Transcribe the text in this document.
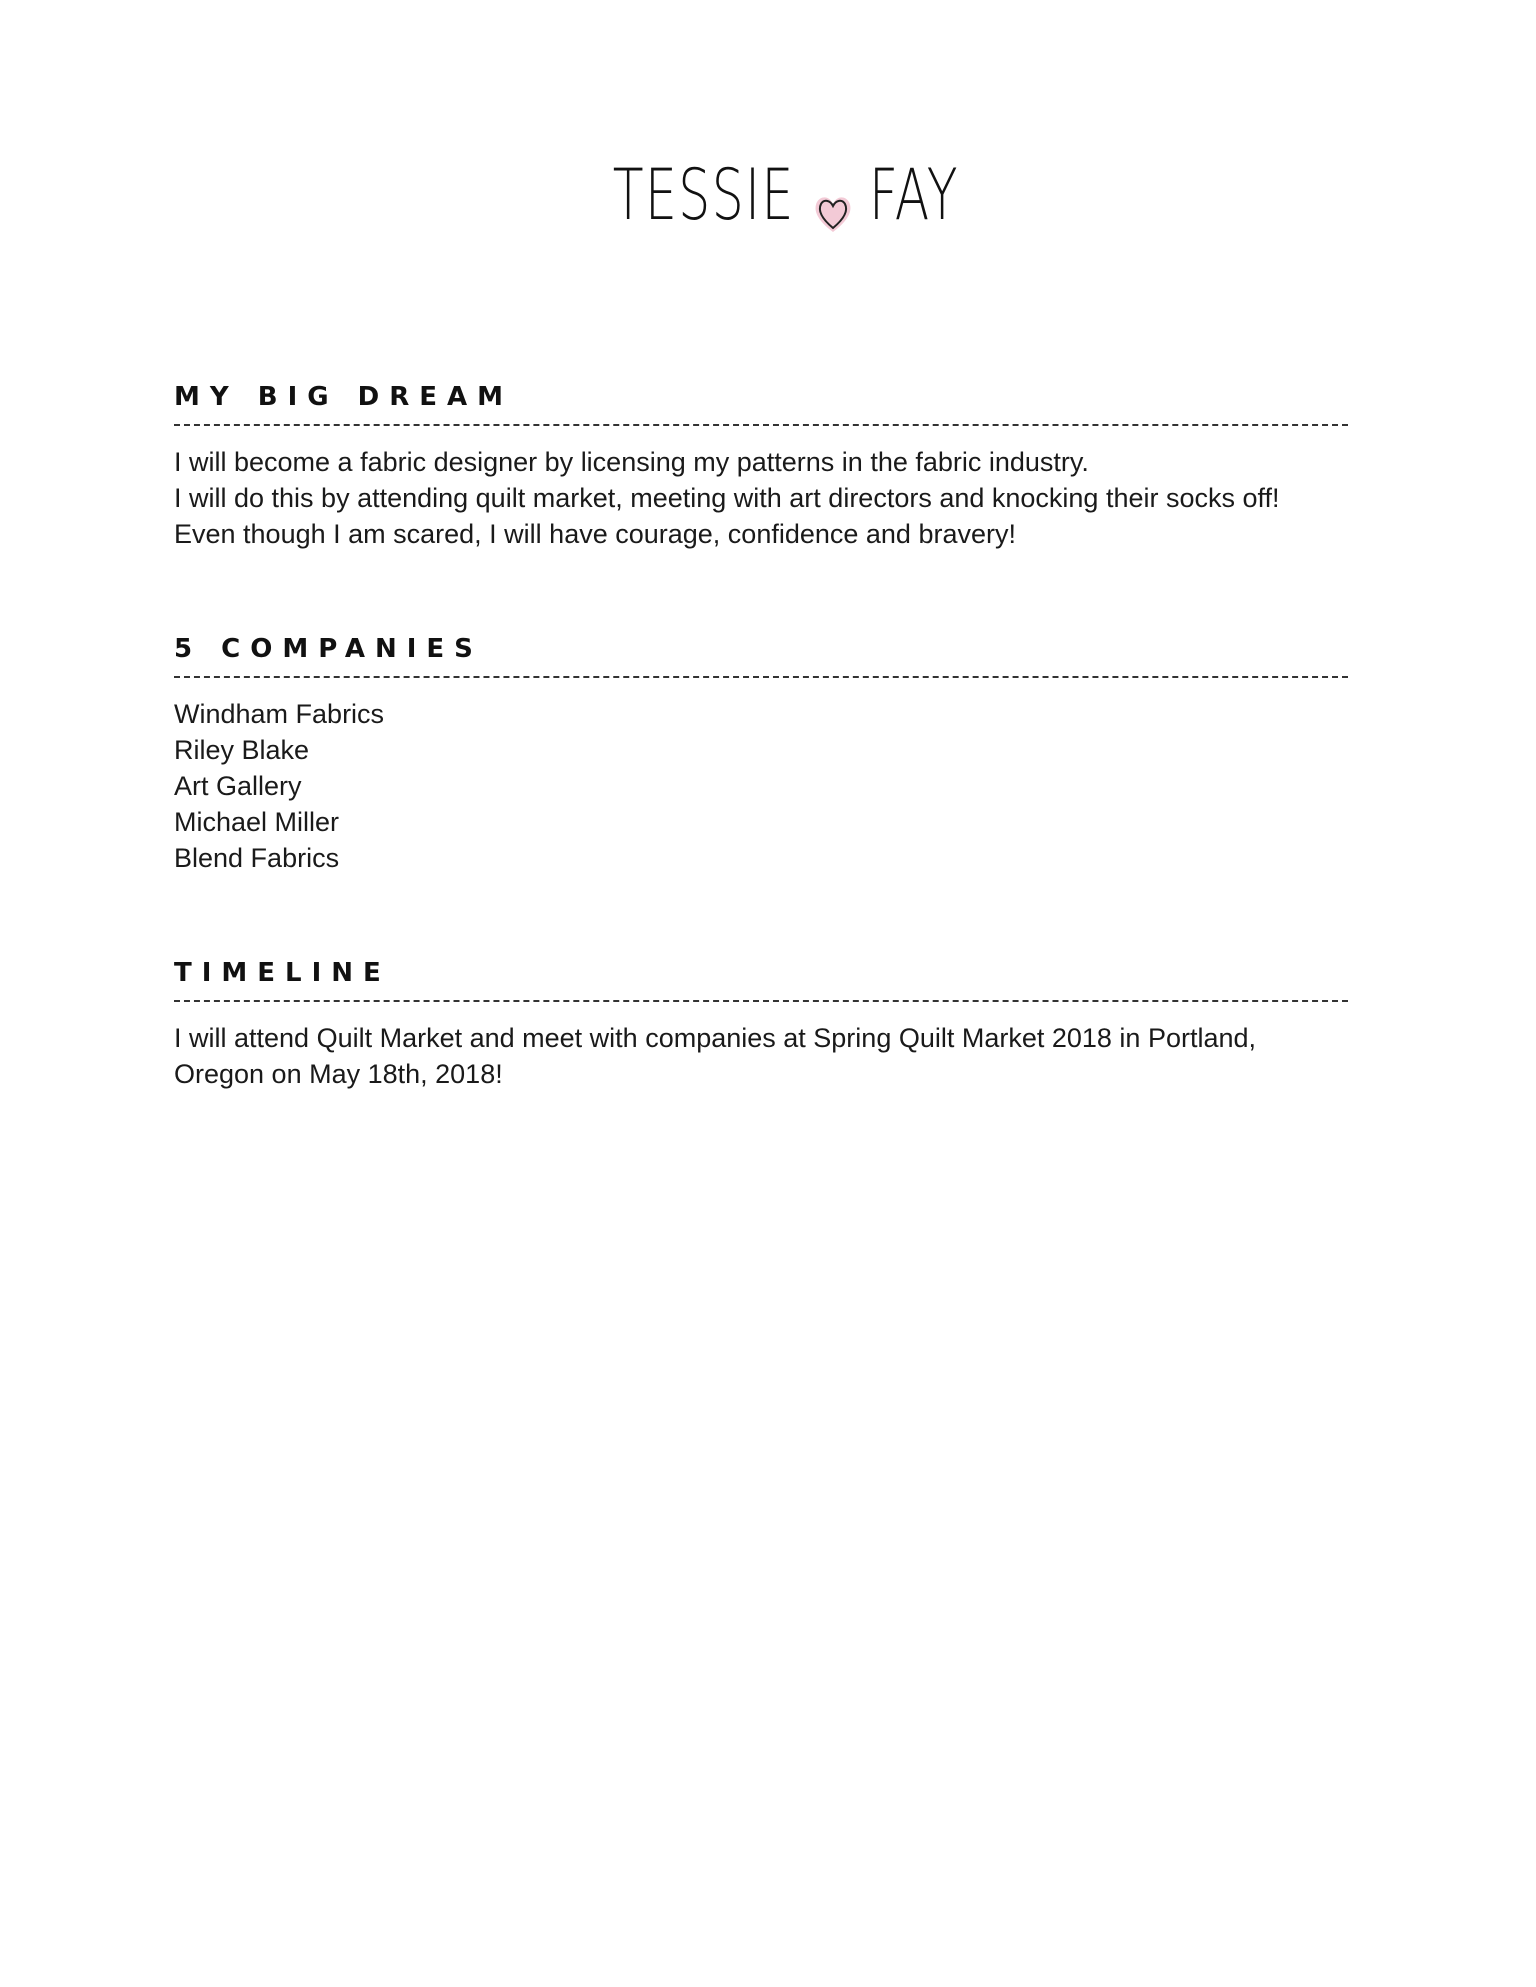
TESSIE FAY
MY BIG DREAM
I will become a fabric designer by licensing my patterns in the fabric industry.
I will do this by attending quilt market, meeting with art directors and knocking their socks off!
Even though I am scared, I will have courage, confidence and bravery!
5 COMPANIES
Windham Fabrics
Riley Blake
Art Gallery
Michael Miller
Blend Fabrics
TIMELINE
I will attend Quilt Market and meet with companies at Spring Quilt Market 2018 in Portland,
Oregon on May 18th, 2018!
